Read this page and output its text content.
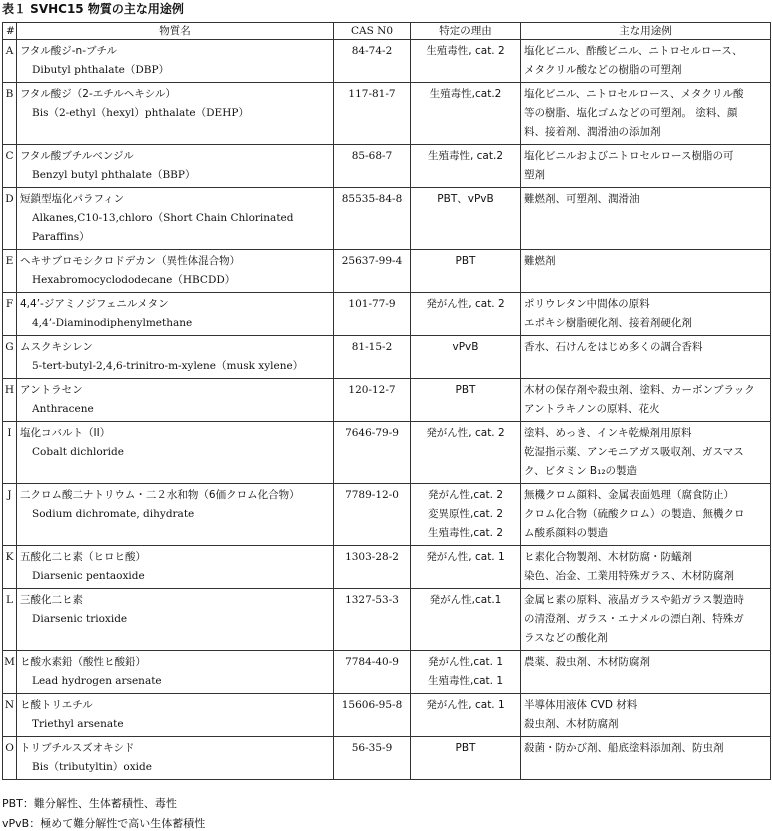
表１ SVHC15 物質の主な用途例
#	物質名	CAS N0	特定の理由	主な用途例
A	フタル酸ジ-n-ブチル
Dibutyl phthalate（DBP）	84-74-2	生殖毒性, cat. 2	塩化ビニル、酢酸ビニル、ニトロセルロース、
メタクリル酸などの樹脂の可塑剤

B	フタル酸ジ（2-エチルヘキシル）
Bis（2-ethyl（hexyl）phthalate（DEHP）	117-81-7	生殖毒性,cat.2	塩化ビニル、ニトロセルロース、メタクリル酸
等の樹脂、塩化ゴムなどの可塑剤。 塗料、顔
料、接着剤、潤滑油の添加剤

C	フタル酸ブチルベンジル
Benzyl butyl phthalate（BBP）	85-68-7	生殖毒性, cat.2	塩化ビニルおよびニトロセルロース樹脂の可
塑剤

D	短鎖型塩化パラフィン
Alkanes,C10-13,chloro（Short Chain Chlorinated Paraffins）	85535-84-8	PBT、vPvB	難燃剤、可塑剤、潤滑油

E	ヘキサブロモシクロドデカン（異性体混合物）
Hexabromocyclododecane（HBCDD）	25637-99-4	PBT	難燃剤

F	4,4’-ジアミノジフェニルメタン
4,4’-Diaminodiphenylmethane	101-77-9	発がん性, cat. 2	ポリウレタン中間体の原料
エポキシ樹脂硬化剤、接着剤硬化剤

G	ムスクキシレン
5-tert-butyl-2,4,6-trinitro-m-xylene（musk xylene）	81-15-2	vPvB	香水、石けんをはじめ多くの調合香料

H	アントラセン
Anthracene	120-12-7	PBT	木材の保存剤や殺虫剤、塗料、カーボンブラック
アントラキノンの原料、花火

I	塩化コバルト（II）
Cobalt dichloride	7646-79-9	発がん性, cat. 2	塗料、めっき、インキ乾燥剤用原料
乾湿指示薬、アンモニアガス吸収剤、ガスマス
ク、ビタミン B₁₂の製造

J	二クロム酸二ナトリウム・二２水和物（6価クロム化合物）
Sodium dichromate, dihydrate	7789-12-0	発がん性,cat. 2
変異原性,cat. 2
生殖毒性,cat. 2	無機クロム顔料、金属表面処理（腐食防止）
クロム化合物（硫酸クロム）の製造、無機クロ
ム酸系顔料の製造

K	五酸化二ヒ素（ヒロヒ酸）
Diarsenic pentaoxide	1303-28-2	発がん性, cat. 1	ヒ素化合物製剤、木材防腐・防蟻剤
染色、冶金、工業用特殊ガラス、木材防腐剤

L	三酸化二ヒ素
Diarsenic trioxide	1327-53-3	発がん性,cat.1	金属ヒ素の原料、液晶ガラスや鉛ガラス製造時
の清澄剤、ガラス・エナメルの漂白剤、特殊ガ
ラスなどの酸化剤

M	ヒ酸水素鉛（酸性ヒ酸鉛）
Lead hydrogen arsenate	7784-40-9	発がん性,cat. 1
生殖毒性,cat. 1	農薬、殺虫剤、木材防腐剤

N	ヒ酸トリエチル
Triethyl arsenate	15606-95-8	発がん性, cat. 1	半導体用液体 CVD 材料
殺虫剤、木材防腐剤

O	トリブチルスズオキシド
Bis（tributyltin）oxide	56-35-9	PBT	殺菌・防かび剤、船底塗料添加剤、防虫剤
PBT：難分解性、生体蓄積性、毒性
vPvB：極めて難分解性で高い生体蓄積性
